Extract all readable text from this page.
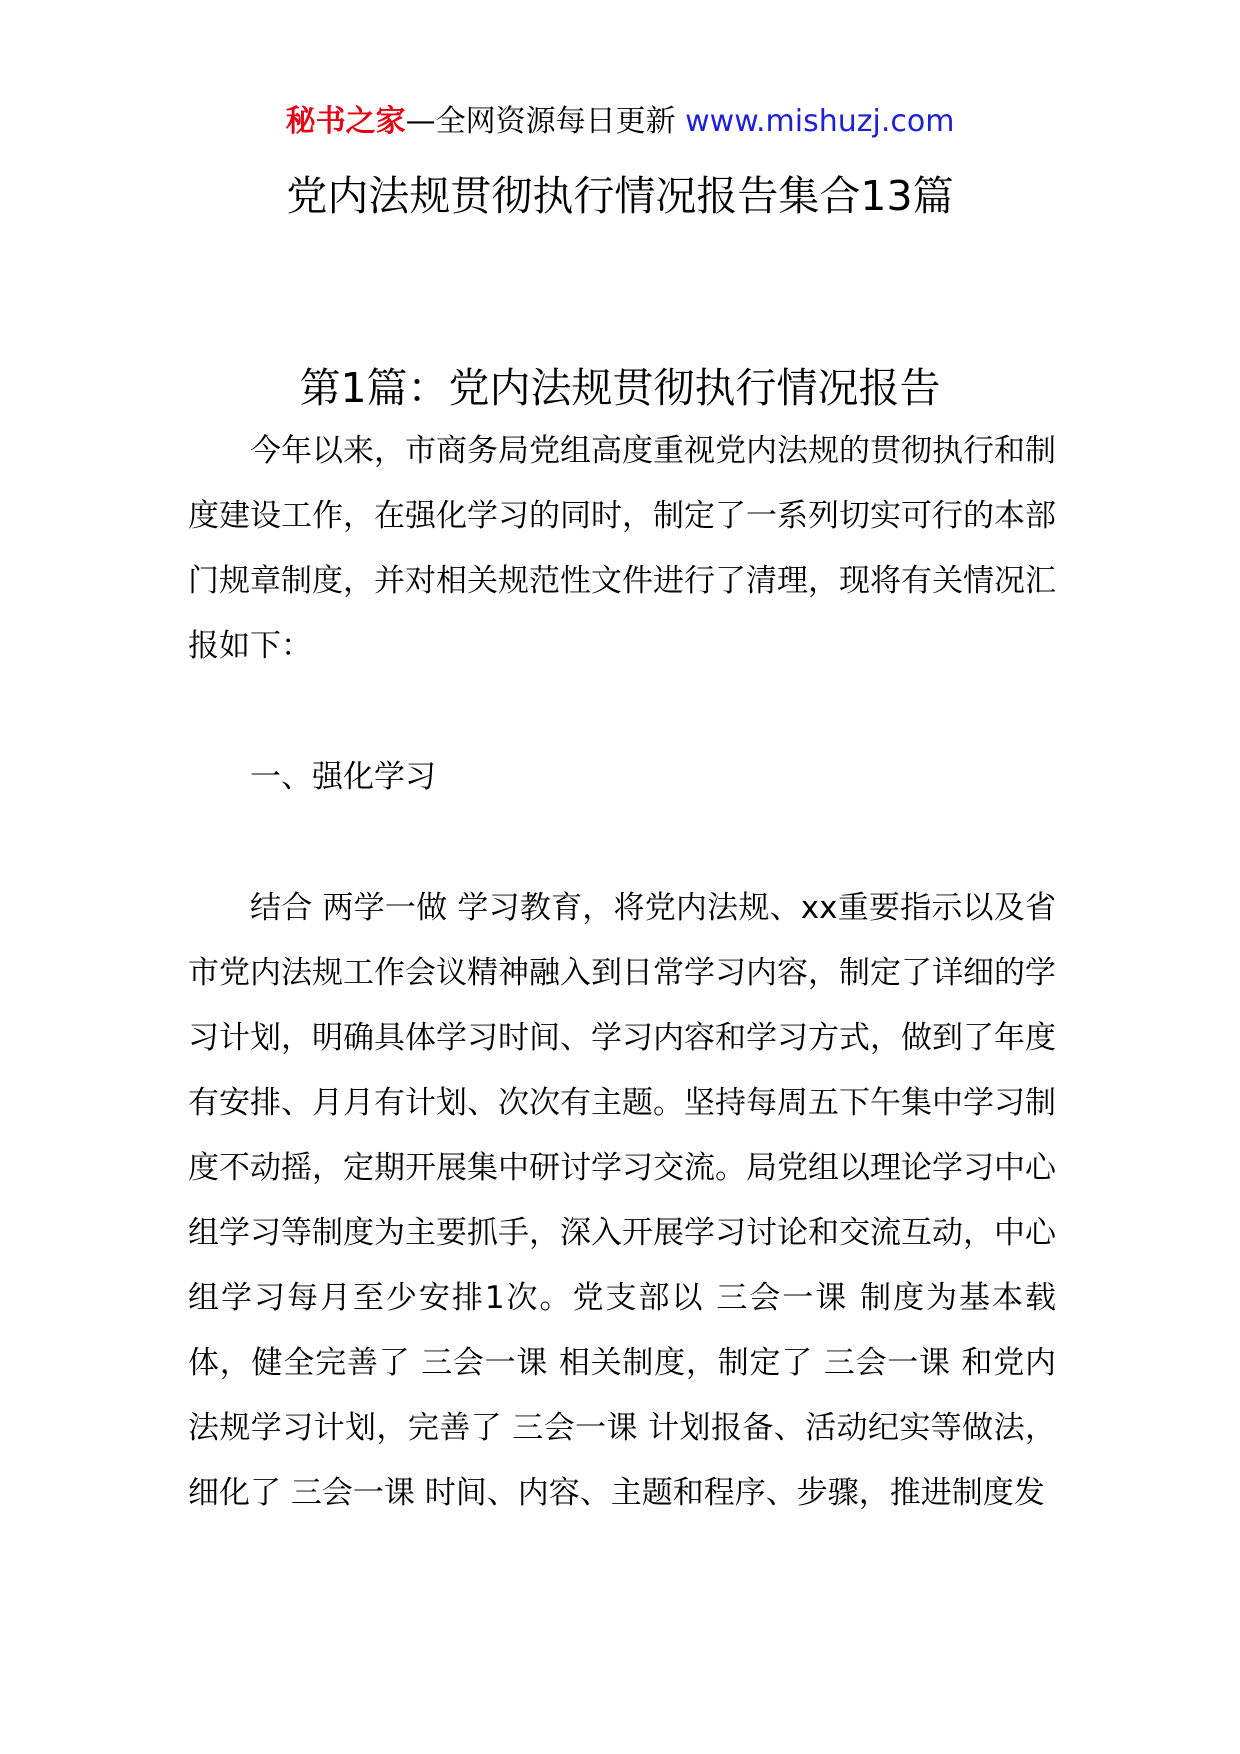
秘书之家—全网资源每日更新 www.mishuzj.com
党内法规贯彻执行情况报告集合13篇
第1篇：党内法规贯彻执行情况报告

今年以来，市商务局党组高度重视党内法规的贯彻执行和制度建设工作，在强化学习的同时，制定了一系列切实可行的本部门规章制度，并对相关规范性文件进行了清理，现将有关情况汇报如下：

一、强化学习

结合 两学一做 学习教育，将党内法规、xx重要指示以及省市党内法规工作会议精神融入到日常学习内容，制定了详细的学习计划，明确具体学习时间、学习内容和学习方式，做到了年度有安排、月月有计划、次次有主题。坚持每周五下午集中学习制度不动摇，定期开展集中研讨学习交流。局党组以理论学习中心组学习等制度为主要抓手，深入开展学习讨论和交流互动，中心组学习每月至少安排1次。党支部以 三会一课 制度为基本载体，健全完善了 三会一课 相关制度，制定了 三会一课 和党内法规学习计划，完善了 三会一课 计划报备、活动纪实等做法，细化了 三会一课 时间、内容、主题和程序、步骤，推进制度发
